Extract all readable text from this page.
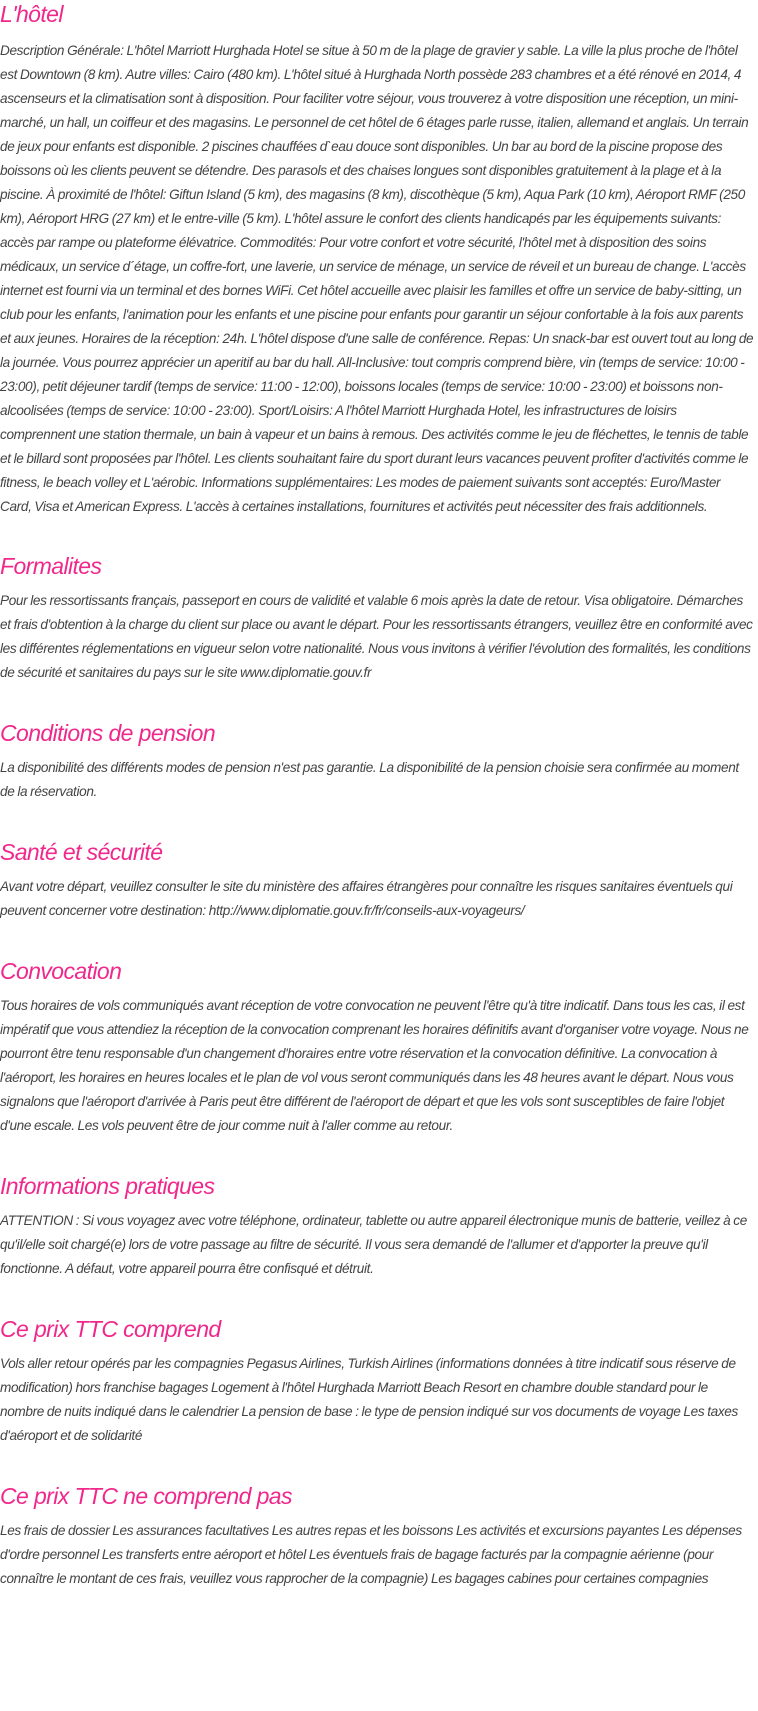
L'hôtel

Description Générale: L'hôtel Marriott Hurghada Hotel se situe à 50 m de la plage de gravier y sable. La ville la plus proche de l'hôtel est Downtown (8 km). Autre villes: Cairo (480 km). L'hôtel situé à Hurghada North possède 283 chambres et a été rénové en 2014, 4 ascenseurs et la climatisation sont à disposition. Pour faciliter votre séjour, vous trouverez à votre disposition une réception, un mini-marché, un hall, un coiffeur et des magasins. Le personnel de cet hôtel de 6 étages parle russe, italien, allemand et anglais. Un terrain de jeux pour enfants est disponible. 2 piscines chauffées d`eau douce sont disponibles. Un bar au bord de la piscine propose des boissons où les clients peuvent se détendre. Des parasols et des chaises longues sont disponibles gratuitement à la plage et à la piscine. À proximité de l'hôtel: Giftun Island (5 km), des magasins (8 km), discothèque (5 km), Aqua Park (10 km), Aéroport RMF (250 km), Aéroport HRG (27 km) et le entre-ville (5 km). L'hôtel assure le confort des clients handicapés par les équipements suivants: accès par rampe ou plateforme élévatrice. Commodités: Pour votre confort et votre sécurité, l'hôtel met à disposition des soins médicaux, un service d´étage, un coffre-fort, une laverie, un service de ménage, un service de réveil et un bureau de change. L'accès internet est fourni via un terminal et des bornes WiFi. Cet hôtel accueille avec plaisir les familles et offre un service de baby-sitting, un club pour les enfants, l'animation pour les enfants et une piscine pour enfants pour garantir un séjour confortable à la fois aux parents et aux jeunes. Horaires de la réception: 24h. L'hôtel dispose d'une salle de conférence. Repas: Un snack-bar est ouvert tout au long de la journée. Vous pourrez apprécier un aperitif au bar du hall. All-Inclusive: tout compris comprend bière, vin (temps de service: 10:00 - 23:00), petit déjeuner tardif (temps de service: 11:00 - 12:00), boissons locales (temps de service: 10:00 - 23:00) et boissons non-alcoolisées (temps de service: 10:00 - 23:00). Sport/Loisirs: A l'hôtel Marriott Hurghada Hotel, les infrastructures de loisirs comprennent une station thermale, un bain à vapeur et un bains à remous. Des activités comme le jeu de fléchettes, le tennis de table et le billard sont proposées par l'hôtel. Les clients souhaitant faire du sport durant leurs vacances peuvent profiter d'activités comme le fitness, le beach volley et L'aérobic. Informations supplémentaires: Les modes de paiement suivants sont acceptés: Euro/Master Card, Visa et American Express. L'accès à certaines installations, fournitures et activités peut nécessiter des frais additionnels.

Formalites

Pour les ressortissants français, passeport en cours de validité et valable 6 mois après la date de retour. Visa obligatoire. Démarches et frais d'obtention à la charge du client sur place ou avant le départ. Pour les ressortissants étrangers, veuillez être en conformité avec les différentes réglementations en vigueur selon votre nationalité. Nous vous invitons à vérifier l'évolution des formalités, les conditions de sécurité et sanitaires du pays sur le site www.diplomatie.gouv.fr

Conditions de pension

La disponibilité des différents modes de pension n'est pas garantie. La disponibilité de la pension choisie sera confirmée au moment de la réservation.

Santé et sécurité

Avant votre départ, veuillez consulter le site du ministère des affaires étrangères pour connaître les risques sanitaires éventuels qui peuvent concerner votre destination: http://www.diplomatie.gouv.fr/fr/conseils-aux-voyageurs/

Convocation

Tous horaires de vols communiqués avant réception de votre convocation ne peuvent l'être qu'à titre indicatif. Dans tous les cas, il est impératif que vous attendiez la réception de la convocation comprenant les horaires définitifs avant d'organiser votre voyage. Nous ne pourront être tenu responsable d'un changement d'horaires entre votre réservation et la convocation définitive. La convocation à l'aéroport, les horaires en heures locales et le plan de vol vous seront communiqués dans les 48 heures avant le départ. Nous vous signalons que l'aéroport d'arrivée à Paris peut être différent de l'aéroport de départ et que les vols sont susceptibles de faire l'objet d'une escale. Les vols peuvent être de jour comme nuit à l'aller comme au retour.

Informations pratiques

ATTENTION : Si vous voyagez avec votre téléphone, ordinateur, tablette ou autre appareil électronique munis de batterie, veillez à ce qu'il/elle soit chargé(e) lors de votre passage au filtre de sécurité. Il vous sera demandé de l'allumer et d'apporter la preuve qu'il fonctionne. A défaut, votre appareil pourra être confisqué et détruit.

Ce prix TTC comprend

Vols aller retour opérés par les compagnies Pegasus Airlines, Turkish Airlines (informations données à titre indicatif sous réserve de modification) hors franchise bagages Logement à l'hôtel Hurghada Marriott Beach Resort en chambre double standard pour le nombre de nuits indiqué dans le calendrier La pension de base : le type de pension indiqué sur vos documents de voyage Les taxes d'aéroport et de solidarité

Ce prix TTC ne comprend pas

Les frais de dossier Les assurances facultatives Les autres repas et les boissons Les activités et excursions payantes Les dépenses d'ordre personnel Les transferts entre aéroport et hôtel Les éventuels frais de bagage facturés par la compagnie aérienne (pour connaître le montant de ces frais, veuillez vous rapprocher de la compagnie) Les bagages cabines pour certaines compagnies
